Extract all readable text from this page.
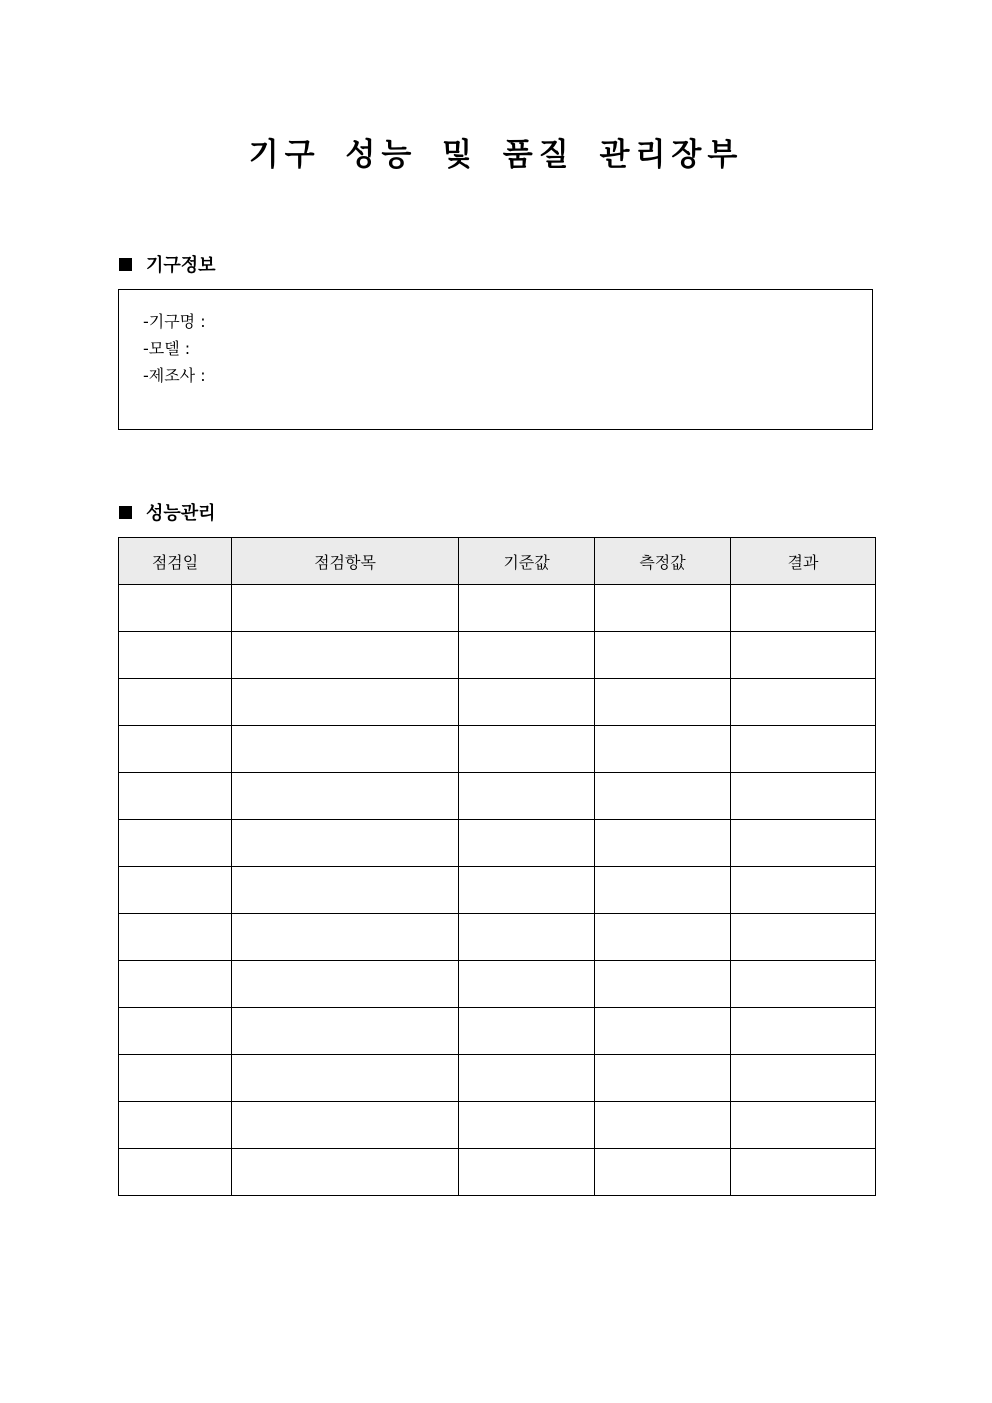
기구 성능 및 품질 관리장부
기구정보
-기구명 :
-모델 :
-제조사 :
성능관리
점검일	점검항목	기준값	측정값	결과
